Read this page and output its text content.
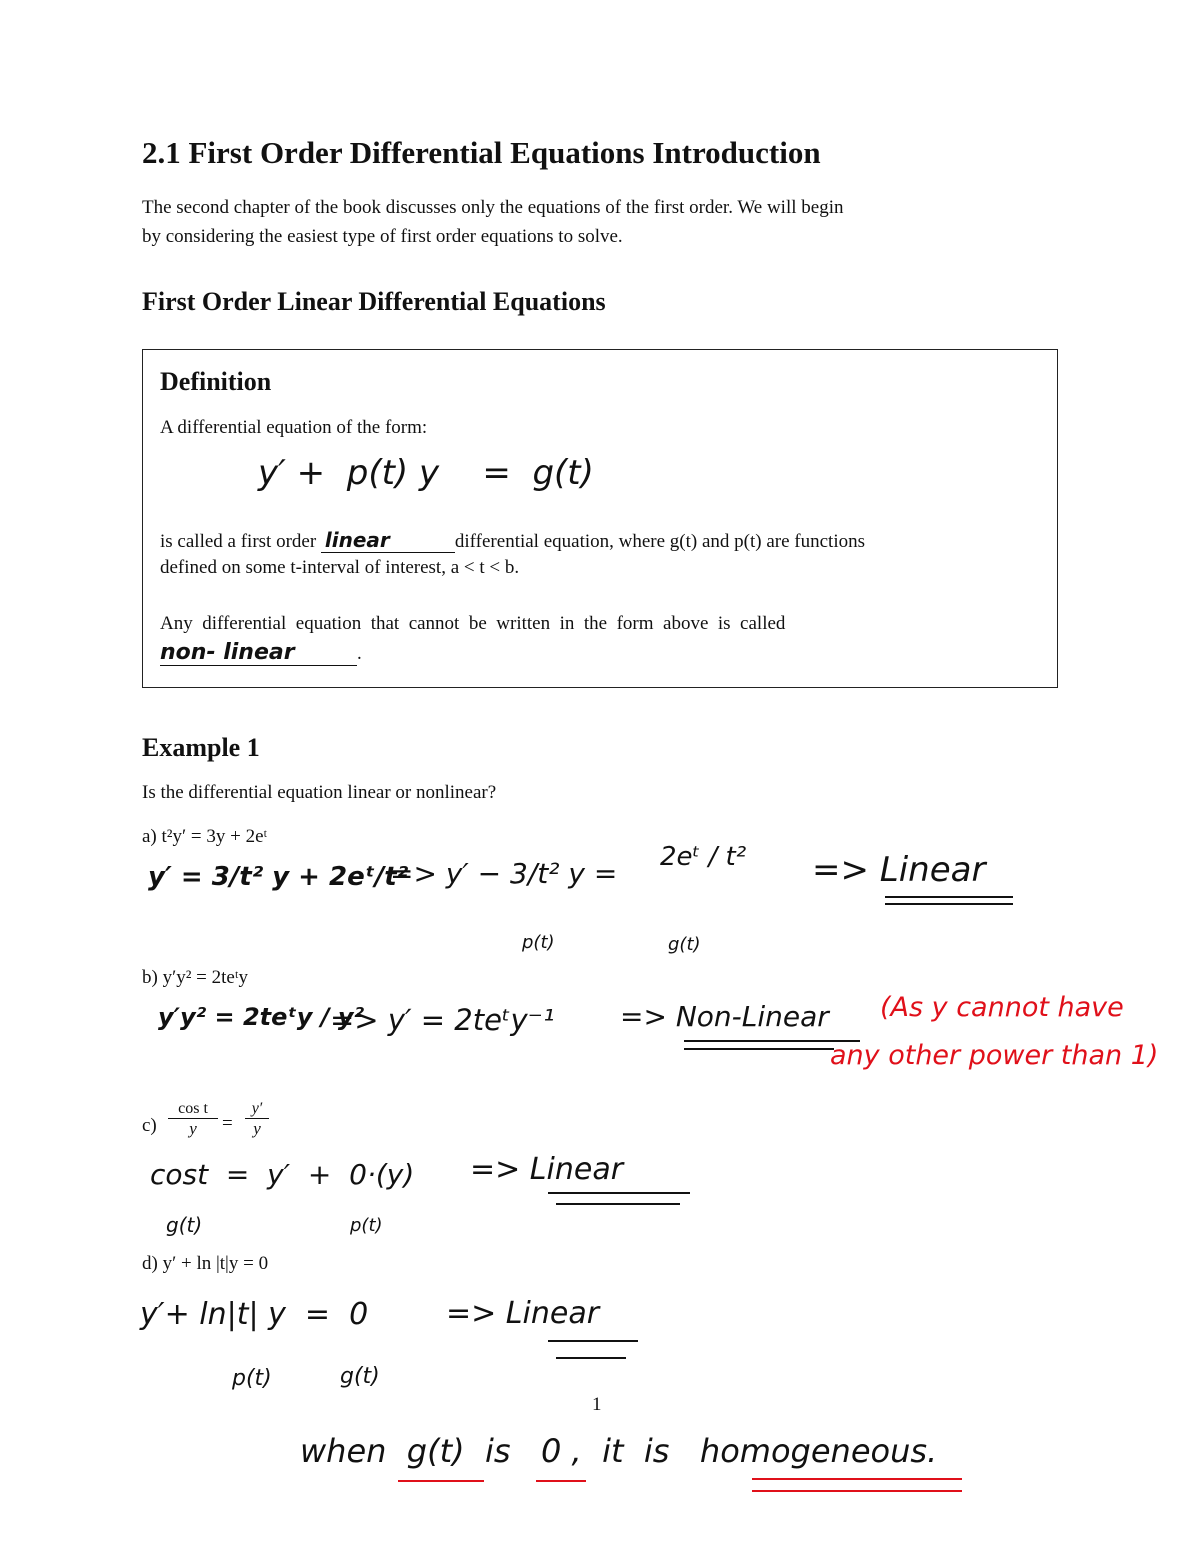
2.1 First Order Differential Equations Introduction
The second chapter of the book discusses only the equations of the first order. We will begin
by considering the easiest type of first order equations to solve.
First Order Linear Differential Equations
Definition
A differential equation of the form:
y′ +  p(t) y    =  g(t)
is called a first order linear	differential equation, where g(t) and p(t) are functions
defined on some t-interval of interest, a < t < b.
Any  differential  equation  that  cannot  be  written  in  the  form  above  is  called
non- linear	.
Example 1
Is the differential equation linear or nonlinear?
a) t²y′ = 3y + 2eᵗ
y′ = 3/t² y + 2eᵗ/t²
=> y′ − 3/t² y = 2eᵗ / t²
p(t)	g(t)
=> Linear
b) y′y² = 2teᵗy
y′y² = 2teᵗy / y²
=> y′ = 2teᵗy⁻¹ => Non-Linear (As y cannot have
any other power than 1)
$c) \frac{\text{cos t}}{y} = \frac{y'}{y}$
cost  =  y′  +  0·(y)
g(t)	p(t)
=> Linear
d) y′ + ln |t|y = 0
y′+ ln|t| y  =  0
p(t)	g(t)
=> Linear
1
when  g(t)  is   0 ,  it  is   homogeneous.
